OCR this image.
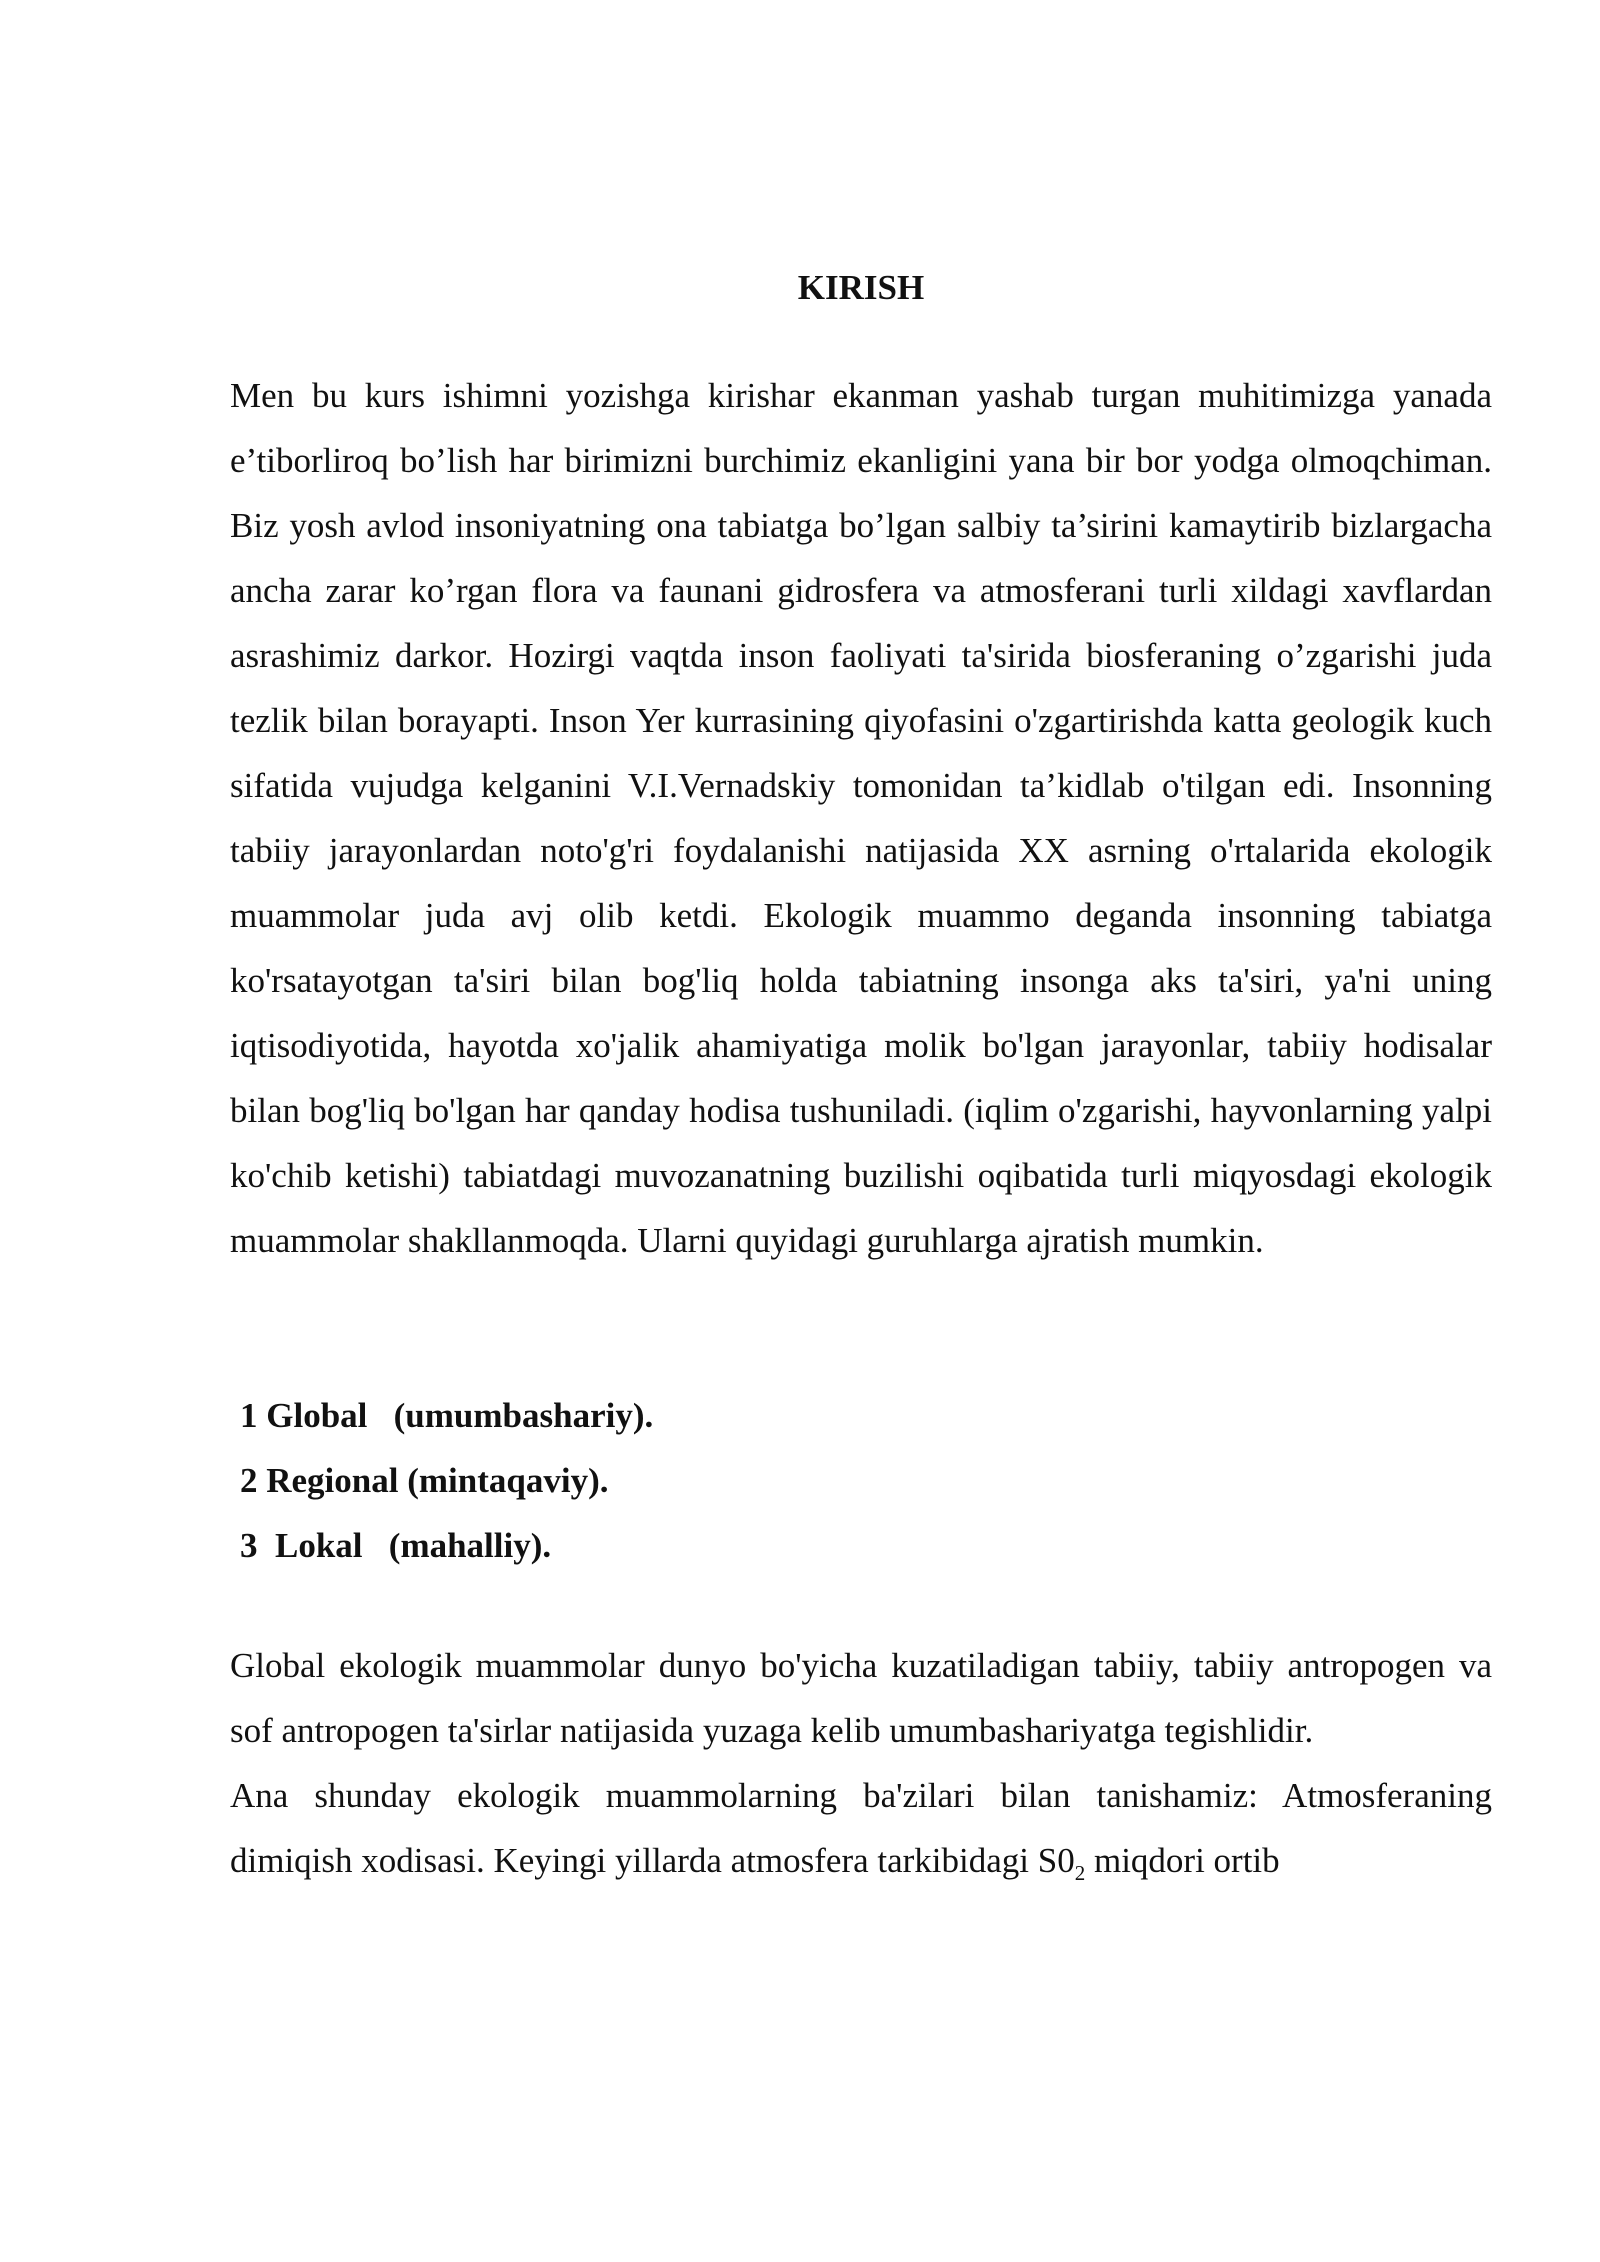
KIRISH

Men bu kurs ishimni yozishga kirishar ekanman yashab turgan muhitimizga yanada e’tiborliroq bo’lish har birimizni burchimiz ekanligini yana bir bor yodga olmoqchiman. Biz yosh avlod insoniyatning ona tabiatga bo’lgan salbiy ta’sirini kamaytirib bizlargacha ancha zarar ko’rgan flora va faunani gidrosfera va atmosferani turli xildagi xavflardan asrashimiz darkor. Hozirgi vaqtda inson faoliyati ta'sirida biosferaning o’zgarishi juda tezlik bilan borayapti. Inson Yer kurrasining qiyofasini o'zgartirishda katta geologik kuch sifatida vujudga kelganini V.I.Vernadskiy tomonidan ta’kidlab o'tilgan edi. Insonning tabiiy jarayonlardan noto'g'ri foydalanishi natijasida XX asrning o'rtalarida ekologik muammolar juda avj olib ketdi. Ekologik muammo deganda insonning tabiatga ko'rsatayotgan ta'siri bilan bog'liq holda tabiatning insonga aks ta'siri, ya'ni uning iqtisodiyotida, hayotda xo'jalik ahamiyatiga molik bo'lgan jarayonlar, tabiiy hodisalar bilan bog'liq bo'lgan har qanday hodisa tushuniladi. (iqlim o'zgarishi, hayvonlarning yalpi ko'chib ketishi) tabiatdagi muvozanatning buzilishi oqibatida turli miqyosdagi ekologik muammolar shakllanmoqda. Ularni quyidagi guruhlarga ajratish mumkin.

1 Global   (umumbashariy).
2 Regional (mintaqaviy).
3  Lokal   (mahalliy).

Global ekologik muammolar dunyo bo'yicha kuzatiladigan tabiiy, tabiiy antropogen va sof antropogen ta'sirlar natijasida yuzaga kelib umumbashariyatga tegishlidir.

Ana shunday ekologik muammolarning ba'zilari bilan tanishamiz: Atmosferaning dimiqish xodisasi. Keyingi yillarda atmosfera tarkibidagi $S0_2$ miqdori ortib
